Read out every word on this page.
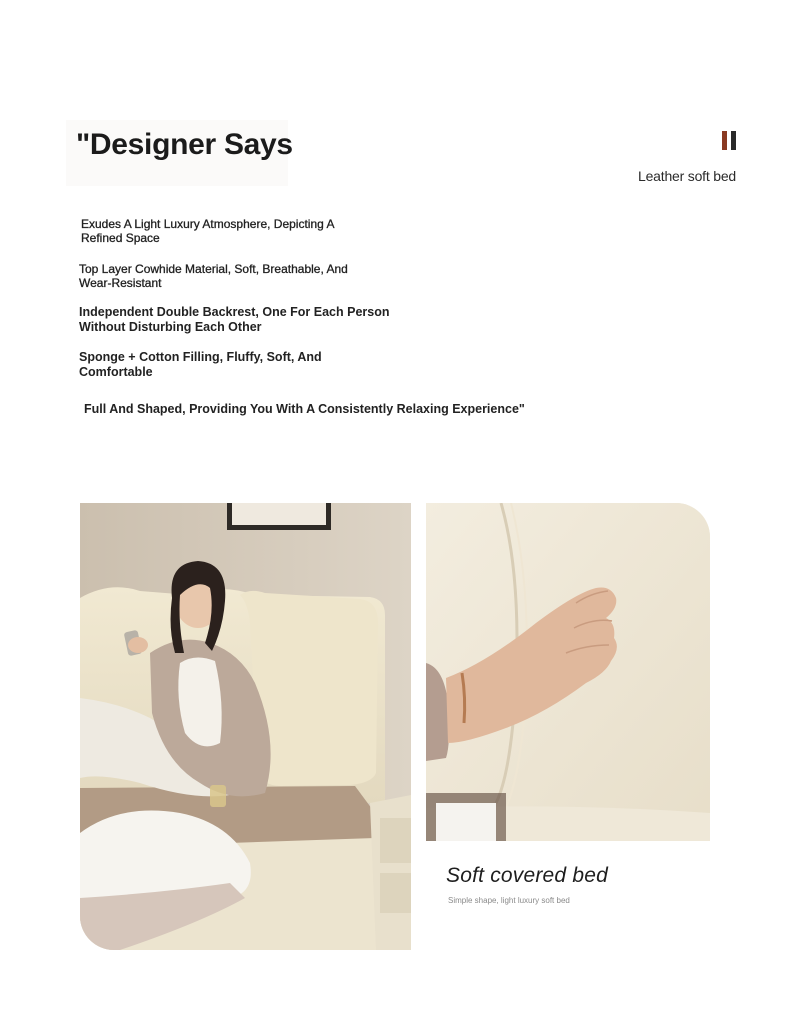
"Designer Says
Leather soft bed

Exudes A Light Luxury Atmosphere, Depicting A Refined Space

Top Layer Cowhide Material, Soft, Breathable, And Wear-Resistant

Independent Double Backrest, One For Each Person Without Disturbing Each Other

Sponge + Cotton Filling, Fluffy, Soft, And Comfortable

Full And Shaped, Providing You With A Consistently Relaxing Experience"

Soft covered bed
Simple shape, light luxury soft bed
